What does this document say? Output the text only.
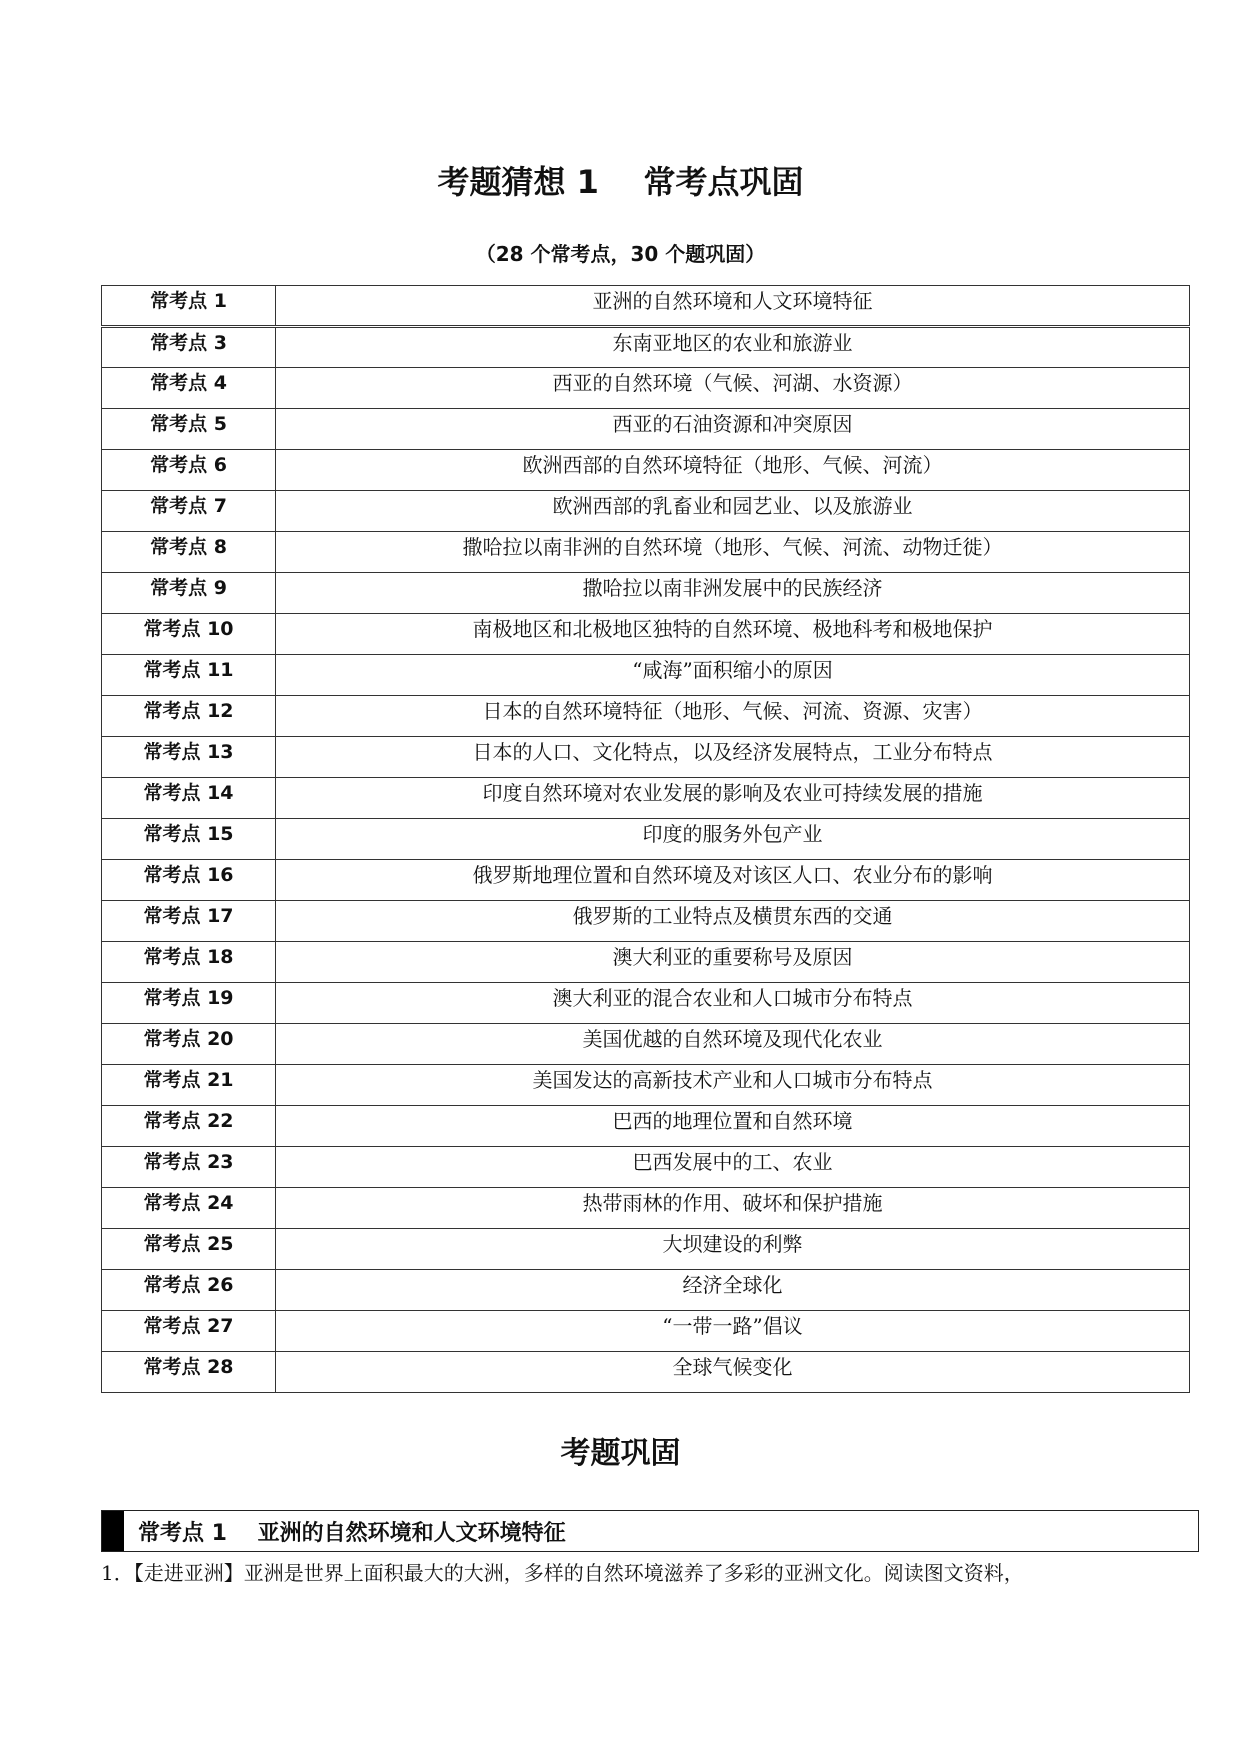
考题猜想 1    常考点巩固
（28 个常考点，30 个题巩固）
常考点 1	亚洲的自然环境和人文环境特征
常考点 3	东南亚地区的农业和旅游业
常考点 4	西亚的自然环境（气候、河湖、水资源）
常考点 5	西亚的石油资源和冲突原因
常考点 6	欧洲西部的自然环境特征（地形、气候、河流）
常考点 7	欧洲西部的乳畜业和园艺业、以及旅游业
常考点 8	撒哈拉以南非洲的自然环境（地形、气候、河流、动物迁徙）
常考点 9	撒哈拉以南非洲发展中的民族经济
常考点 10	南极地区和北极地区独特的自然环境、极地科考和极地保护
常考点 11	“咸海”面积缩小的原因
常考点 12	日本的自然环境特征（地形、气候、河流、资源、灾害）
常考点 13	日本的人口、文化特点，以及经济发展特点，工业分布特点
常考点 14	印度自然环境对农业发展的影响及农业可持续发展的措施
常考点 15	印度的服务外包产业
常考点 16	俄罗斯地理位置和自然环境及对该区人口、农业分布的影响
常考点 17	俄罗斯的工业特点及横贯东西的交通
常考点 18	澳大利亚的重要称号及原因
常考点 19	澳大利亚的混合农业和人口城市分布特点
常考点 20	美国优越的自然环境及现代化农业
常考点 21	美国发达的高新技术产业和人口城市分布特点
常考点 22	巴西的地理位置和自然环境
常考点 23	巴西发展中的工、农业
常考点 24	热带雨林的作用、破坏和保护措施
常考点 25	大坝建设的利弊
常考点 26	经济全球化
常考点 27	“一带一路”倡议
常考点 28	全球气候变化
考题巩固
常考点 1    亚洲的自然环境和人文环境特征
1．【走进亚洲】亚洲是世界上面积最大的大洲，多样的自然环境滋养了多彩的亚洲文化。阅读图文资料，
